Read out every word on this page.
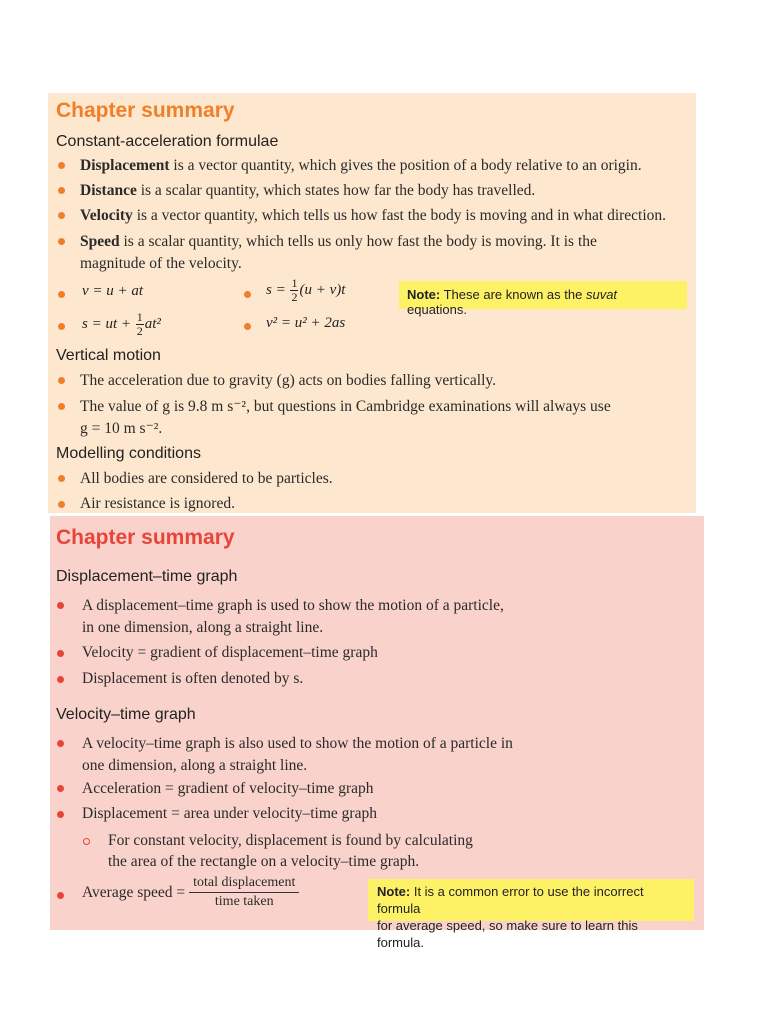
Chapter summary
Constant-acceleration formulae
Displacement is a vector quantity, which gives the position of a body relative to an origin.
Distance is a scalar quantity, which states how far the body has travelled.
Velocity is a vector quantity, which tells us how fast the body is moving and in what direction.
Speed is a scalar quantity, which tells us only how fast the body is moving. It is the
magnitude of the velocity.
v = u + at	$s = \frac{1}{2} (u + v)t$	Note: These are known as the suvat equations.
s = ut + $\frac{1}{2} at^2$	v² = u² + 2as
Vertical motion
The acceleration due to gravity (g) acts on bodies falling vertically.
The value of g is 9.8 m s⁻², but questions in Cambridge examinations will always use
g = 10 m s⁻².
Modelling conditions
All bodies are considered to be particles.
Air resistance is ignored.
Chapter summary
Displacement–time graph
A displacement–time graph is used to show the motion of a particle,
in one dimension, along a straight line.
Velocity = gradient of displacement–time graph
Displacement is often denoted by s.
Velocity–time graph
A velocity–time graph is also used to show the motion of a particle in
one dimension, along a straight line.
Acceleration = gradient of velocity–time graph
Displacement = area under velocity–time graph
For constant velocity, displacement is found by calculating
the area of the rectangle on a velocity–time graph.
Average speed =
total displacement
time taken
Note: It is a common error to use the incorrect formula
for average speed, so make sure to learn this formula.
